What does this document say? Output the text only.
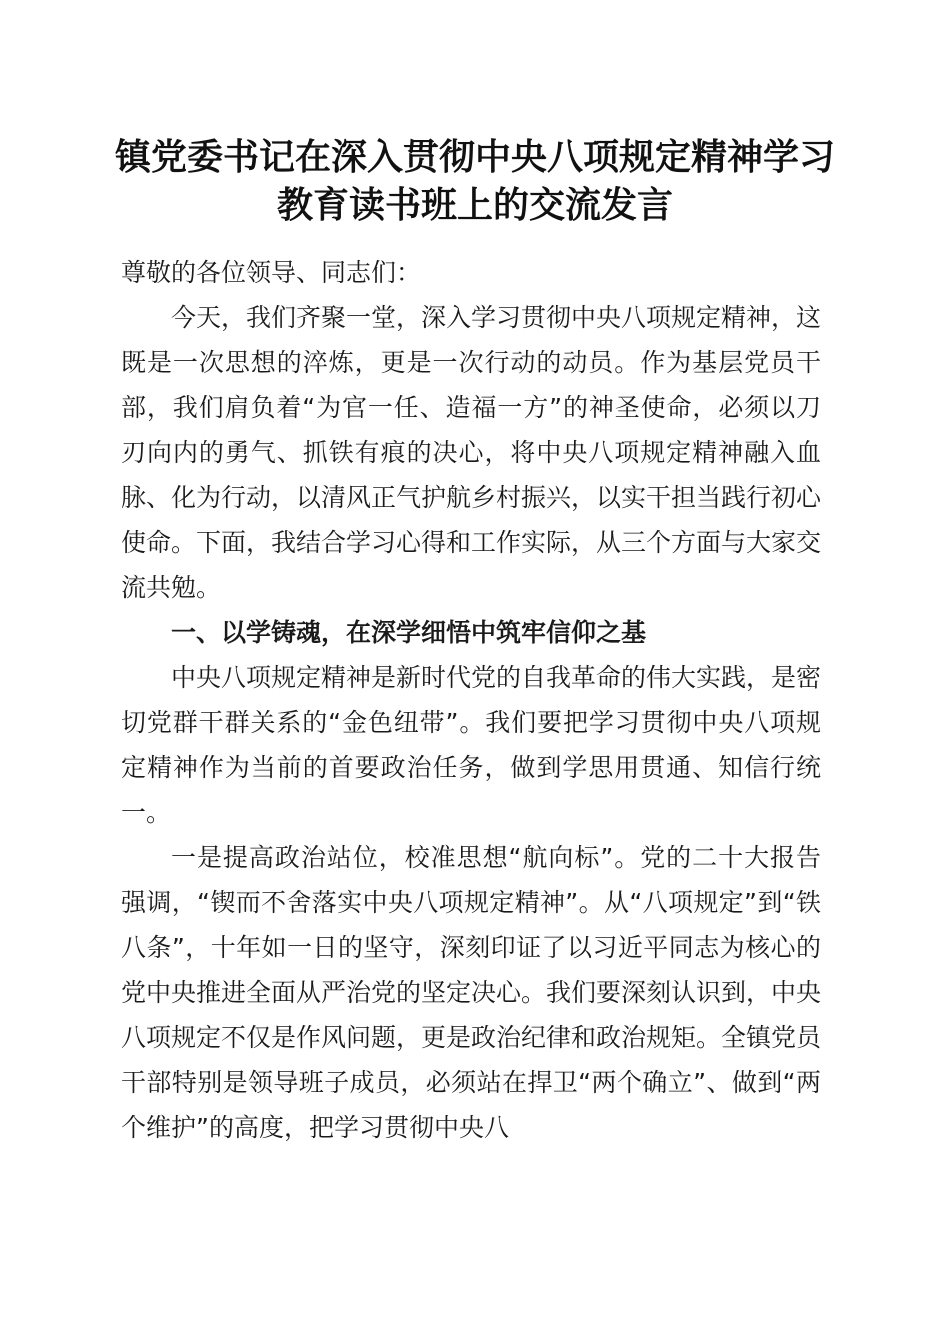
镇党委书记在深入贯彻中央八项规定精神学习
教育读书班上的交流发言

尊敬的各位领导、同志们：

今天，我们齐聚一堂，深入学习贯彻中央八项规定精神，这既是一次思想的淬炼，更是一次行动的动员。作为基层党员干部，我们肩负着“为官一任、造福一方”的神圣使命，必须以刀刃向内的勇气、抓铁有痕的决心，将中央八项规定精神融入血脉、化为行动，以清风正气护航乡村振兴，以实干担当践行初心使命。下面，我结合学习心得和工作实际，从三个方面与大家交流共勉。

一、以学铸魂，在深学细悟中筑牢信仰之基

中央八项规定精神是新时代党的自我革命的伟大实践，是密切党群干群关系的“金色纽带”。我们要把学习贯彻中央八项规定精神作为当前的首要政治任务，做到学思用贯通、知信行统一。

一是提高政治站位，校准思想“航向标”。党的二十大报告强调，“锲而不舍落实中央八项规定精神”。从“八项规定”到“铁八条”，十年如一日的坚守，深刻印证了以习近平同志为核心的党中央推进全面从严治党的坚定决心。我们要深刻认识到，中央八项规定不仅是作风问题，更是政治纪律和政治规矩。全镇党员干部特别是领导班子成员，必须站在捍卫“两个确立”、做到“两个维护”的高度，把学习贯彻中央八
